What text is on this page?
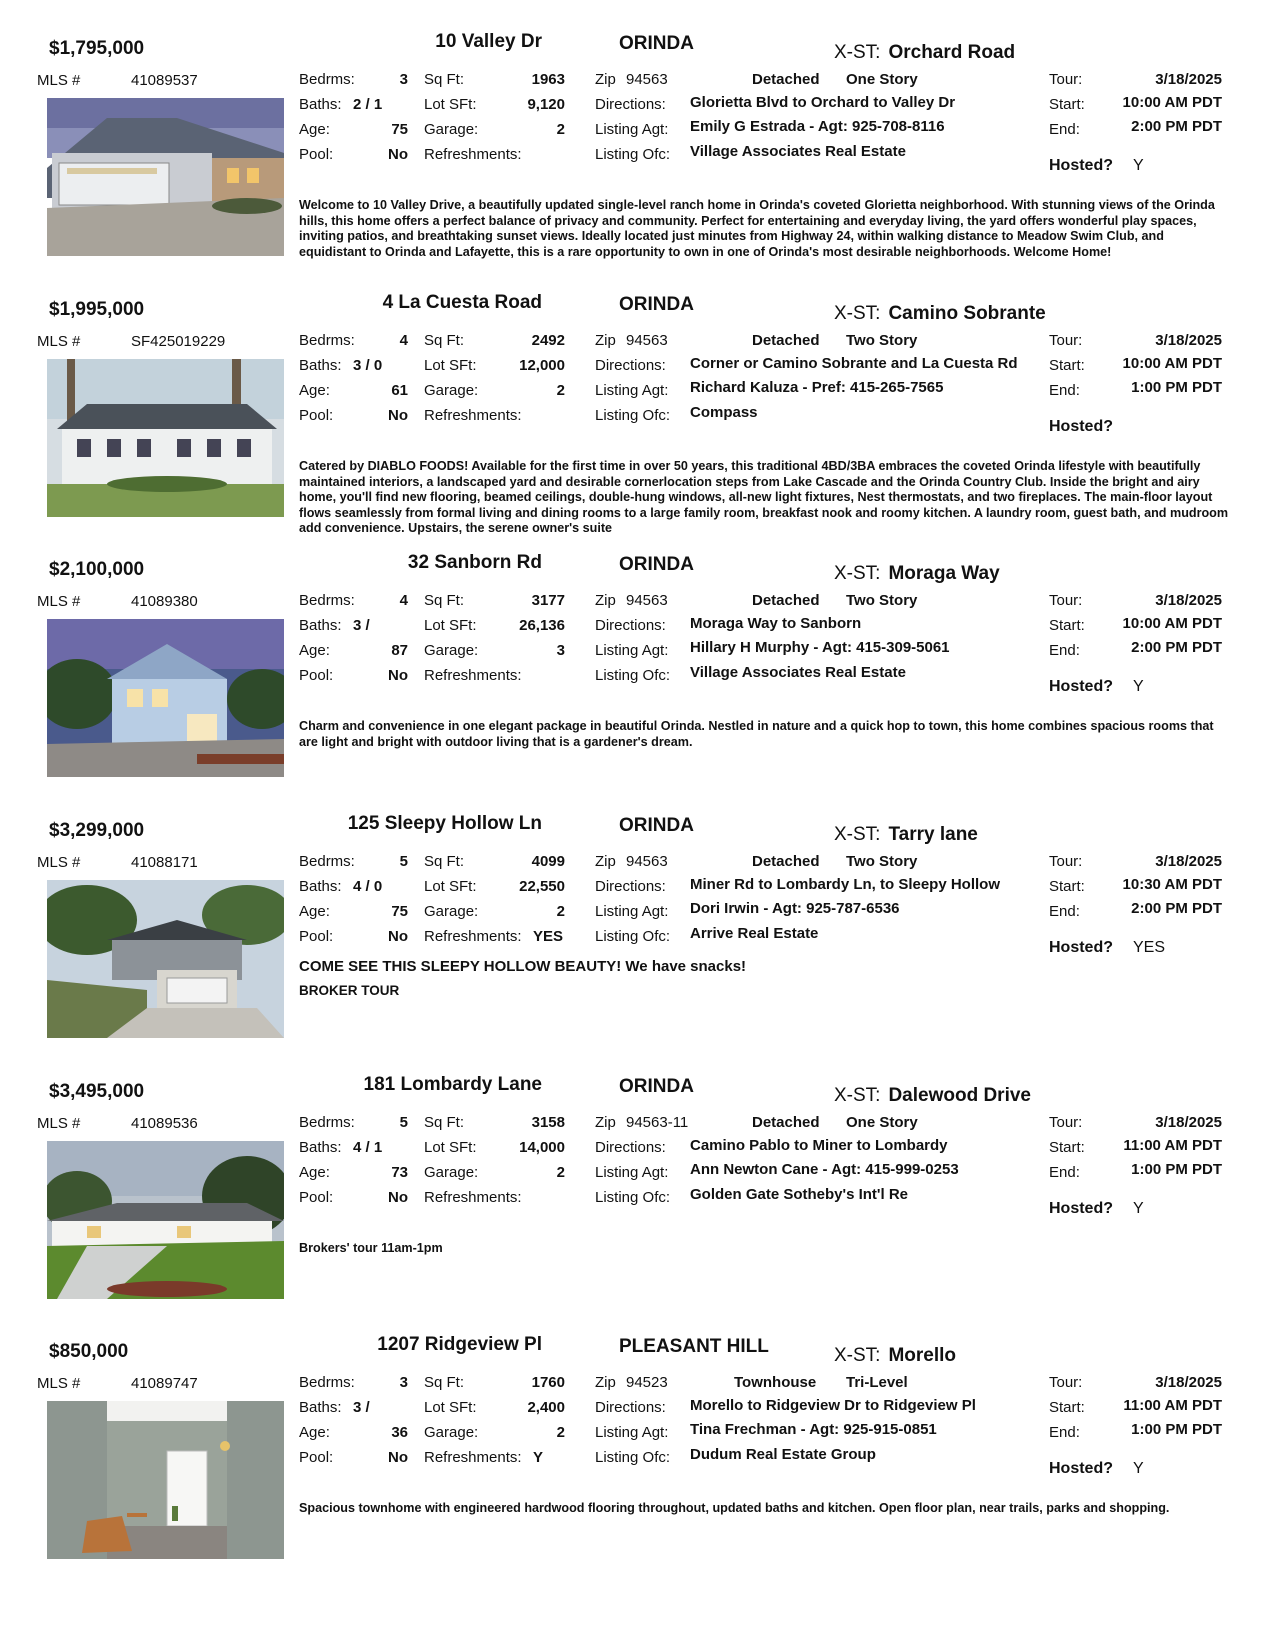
$1,795,000	10 Valley Dr	ORINDA	X-ST: Orchard Road
MLS #	41089537	Bedrms:	3
Baths: 2 / 1
Age:	75
Pool:	No
Sq Ft:	1963
Lot SFt:	9,120
Garage:	2
Refreshments:
Zip 94563	Detached One Story
Directions: Glorietta Blvd to Orchard to Valley Dr
Listing Agt: Emily G Estrada - Agt: 925-708-8116
Listing Ofc: Village Associates Real Estate
Tour:	3/18/2025
Start:	10:00 AM PDT
End:	2:00 PM PDT
Hosted? Y
Welcome to 10 Valley Drive, a beautifully updated single-level ranch home in Orinda's coveted Glorietta neighborhood. With stunning views of the Orinda hills, this home offers a perfect balance of privacy and community. Perfect for entertaining and everyday living, the yard offers wonderful play spaces, inviting patios, and breathtaking sunset views. Ideally located just minutes from Highway 24, within walking distance to Meadow Swim Club, and equidistant to Orinda and Lafayette, this is a rare opportunity to own in one of Orinda's most desirable neighborhoods. Welcome Home!
$1,995,000	4 La Cuesta Road	ORINDA	X-ST: Camino Sobrante
MLS #	SF425019229	Bedrms:	4
Baths: 3 / 0
Age:	61
Pool:	No
Sq Ft:	2492
Lot SFt:	12,000
Garage:	2
Refreshments:
Zip 94563	Detached Two Story
Directions: Corner or Camino Sobrante and La Cuesta Rd
Listing Agt: Richard Kaluza - Pref: 415-265-7565
Listing Ofc: Compass
Tour:	3/18/2025
Start:	10:00 AM PDT
End:	1:00 PM PDT
Hosted?
Catered by DIABLO FOODS! Available for the first time in over 50 years, this traditional 4BD/3BA embraces the coveted Orinda lifestyle with beautifully maintained interiors, a landscaped yard and desirable cornerlocation steps from Lake Cascade and the Orinda Country Club. Inside the bright and airy home, you'll find new flooring, beamed ceilings, double-hung windows, all-new light fixtures, Nest thermostats, and two fireplaces. The main-floor layout flows seamlessly from formal living and dining rooms to a large family room, breakfast nook and roomy kitchen. A laundry room, guest bath, and mudroom add convenience. Upstairs, the serene owner's suite
$2,100,000	32 Sanborn Rd	ORINDA	X-ST: Moraga Way
MLS #	41089380	Bedrms:	4
Baths: 3 /
Age:	87
Pool:	No
Sq Ft:	3177
Lot SFt:	26,136
Garage:	3
Refreshments:
Zip 94563	Detached Two Story
Directions: Moraga Way to Sanborn
Listing Agt: Hillary H Murphy - Agt: 415-309-5061
Listing Ofc: Village Associates Real Estate
Tour:	3/18/2025
Start:	10:00 AM PDT
End:	2:00 PM PDT
Hosted? Y
Charm and convenience in one elegant package in beautiful Orinda. Nestled in nature and a quick hop to town, this home combines spacious rooms that are light and bright with outdoor living that is a gardener's dream.
$3,299,000	125 Sleepy Hollow Ln	ORINDA	X-ST: Tarry lane
MLS #	41088171	Bedrms:	5
Baths: 4 / 0
Age:	75
Pool:	No
Sq Ft:	4099
Lot SFt:	22,550
Garage:	2
Refreshments: YES
Zip 94563	Detached Two Story
Directions: Miner Rd to Lombardy Ln, to Sleepy Hollow
Listing Agt: Dori Irwin - Agt: 925-787-6536
Listing Ofc: Arrive Real Estate
Tour:	3/18/2025
Start:	10:30 AM PDT
End:	2:00 PM PDT
Hosted? YES
COME SEE THIS SLEEPY HOLLOW BEAUTY! We have snacks!
BROKER TOUR
$3,495,000	181 Lombardy Lane	ORINDA	X-ST: Dalewood Drive
MLS #	41089536	Bedrms:	5
Baths: 4 / 1
Age:	73
Pool:	No
Sq Ft:	3158
Lot SFt:	14,000
Garage:	2
Refreshments:
Zip 94563-11	Detached One Story
Directions: Camino Pablo to Miner to Lombardy
Listing Agt: Ann Newton Cane - Agt: 415-999-0253
Listing Ofc: Golden Gate Sotheby's Int'l Re
Tour:	3/18/2025
Start:	11:00 AM PDT
End:	1:00 PM PDT
Hosted? Y
Brokers' tour 11am-1pm
$850,000	1207 Ridgeview Pl	PLEASANT HILL	X-ST: Morello
MLS #	41089747	Bedrms:	3
Baths: 3 /
Age:	36
Pool:	No
Sq Ft:	1760
Lot SFt:	2,400
Garage:	2
Refreshments: Y
Zip 94523	Townhouse Tri-Level
Directions: Morello to Ridgeview Dr to Ridgeview Pl
Listing Agt: Tina Frechman - Agt: 925-915-0851
Listing Ofc: Dudum Real Estate Group
Tour:	3/18/2025
Start:	11:00 AM PDT
End:	1:00 PM PDT
Hosted? Y
Spacious townhome with engineered hardwood flooring throughout, updated baths and kitchen. Open floor plan, near trails, parks and shopping.
